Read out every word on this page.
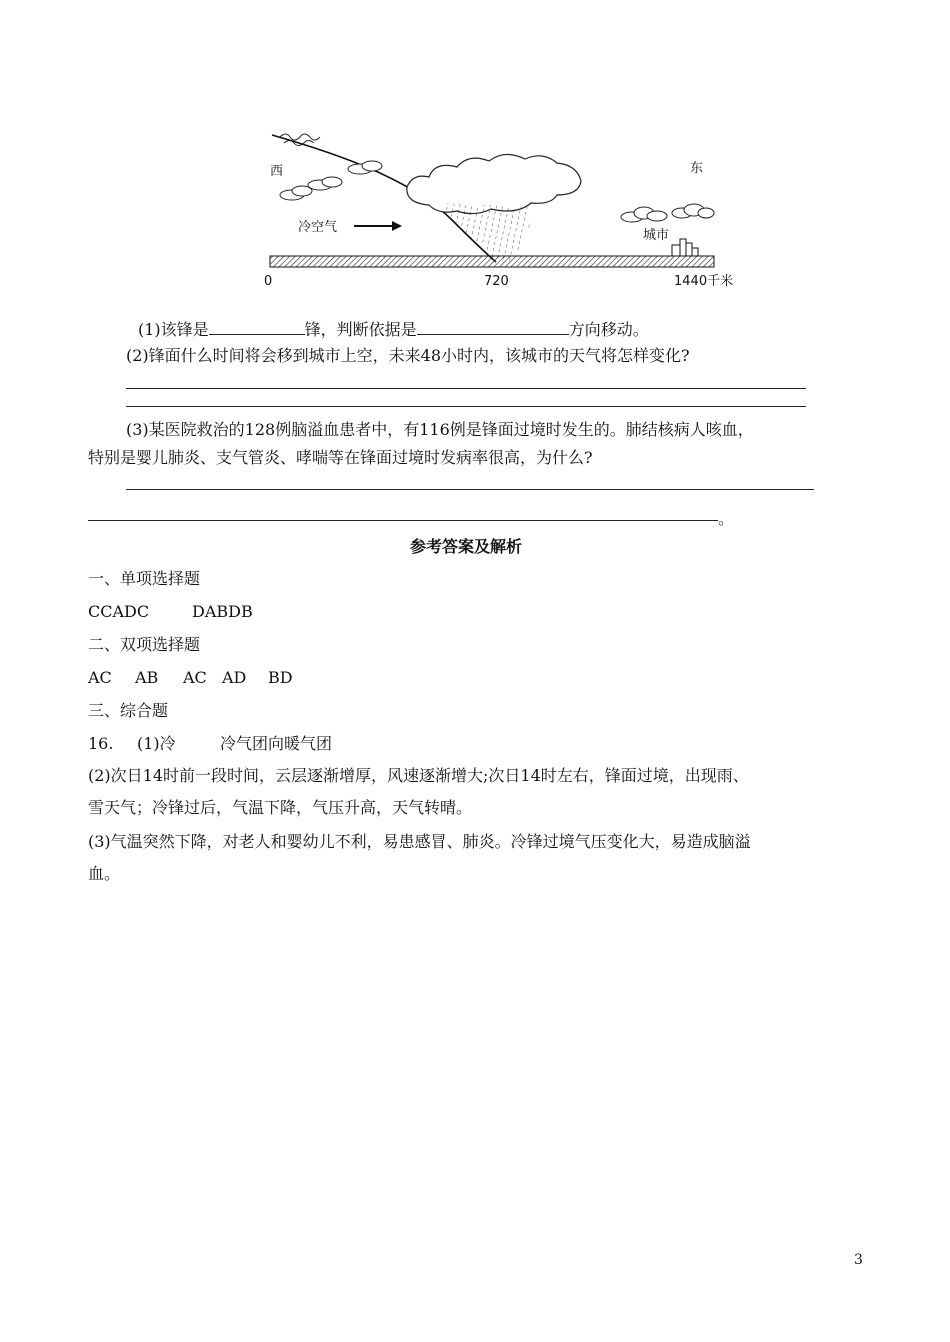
西	东
冷空气
城市
0	720	1440千米
(1)该锋是	锋，判断依据是	方向移动。
(2)锋面什么时间将会移到城市上空，未来48小时内，该城市的天气将怎样变化?
(3)某医院救治的128例脑溢血患者中，有116例是锋面过境时发生的。肺结核病人咳血，
特别是婴儿肺炎、支气管炎、哮喘等在锋面过境时发病率很高，为什么?
。
参考答案及解析
一、单项选择题
CCADC	DABDB
二、双项选择题
AC AB AC AD BD
三、综合题
16. (1)冷	冷气团向暖气团
(2)次日14时前一段时间，云层逐渐增厚，风速逐渐增大;次日14时左右，锋面过境，出现雨、
雪天气；冷锋过后，气温下降，气压升高，天气转晴。
(3)气温突然下降，对老人和婴幼儿不利，易患感冒、肺炎。冷锋过境气压变化大，易造成脑溢
血。
3
